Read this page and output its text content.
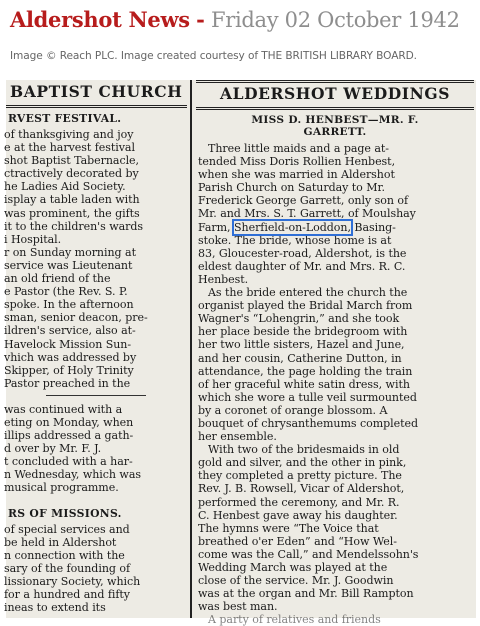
Aldershot News - Friday 02 October 1942
Image © Reach PLC. Image created courtesy of THE BRITISH LIBRARY BOARD.
BAPTIST CHURCH
RVEST FESTIVAL.
of thanksgiving and joy
e at the harvest festival
shot Baptist Tabernacle,
ctractively decorated by
he Ladies Aid Society.
isplay a table laden with
was prominent, the gifts
it to the children's wards
i Hospital.
r on Sunday morning at
service was Lieutenant
an old friend of the
e Pastor (the Rev. S. P.
spoke. In the afternoon
sman, senior deacon, pre-
ildren's service, also at-
Havelock Mission Sun-
vhich was addressed by
Skipper, of Holy Trinity
Pastor preached in the
was continued with a
eting on Monday, when
illips addressed a gath-
d over by Mr. F. J.
t concluded with a har-
n Wednesday, which was
musical programme.
RS OF MISSIONS.
of special services and
be held in Aldershot
n connection with the
sary of the founding of
lissionary Society, which
for a hundred and fifty
ineas to extend its
ALDERSHOT WEDDINGS
MISS D. HENBEST—MR. F.
GARRETT.
Three little maids and a page at-
tended Miss Doris Rollien Henbest,
when she was married in Aldershot
Parish Church on Saturday to Mr.
Frederick George Garrett, only son of
Mr. and Mrs. S. T. Garrett, of Moulshay
Farm, Sherfield-on-Loddon, Basing-
stoke. The bride, whose home is at
83, Gloucester-road, Aldershot, is the
eldest daughter of Mr. and Mrs. R. C.
Henbest.
As the bride entered the church the
organist played the Bridal March from
Wagner's “Lohengrin,” and she took
her place beside the bridegroom with
her two little sisters, Hazel and June,
and her cousin, Catherine Dutton, in
attendance, the page holding the train
of her graceful white satin dress, with
which she wore a tulle veil surmounted
by a coronet of orange blossom. A
bouquet of chrysanthemums completed
her ensemble.
With two of the bridesmaids in old
gold and silver, and the other in pink,
they completed a pretty picture. The
Rev. J. B. Rowsell, Vicar of Aldershot,
performed the ceremony, and Mr. R.
C. Henbest gave away his daughter.
The hymns were “The Voice that
breathed o'er Eden” and “How Wel-
come was the Call,” and Mendelssohn's
Wedding March was played at the
close of the service. Mr. J. Goodwin
was at the organ and Mr. Bill Rampton
was best man.
A party of relatives and friends
